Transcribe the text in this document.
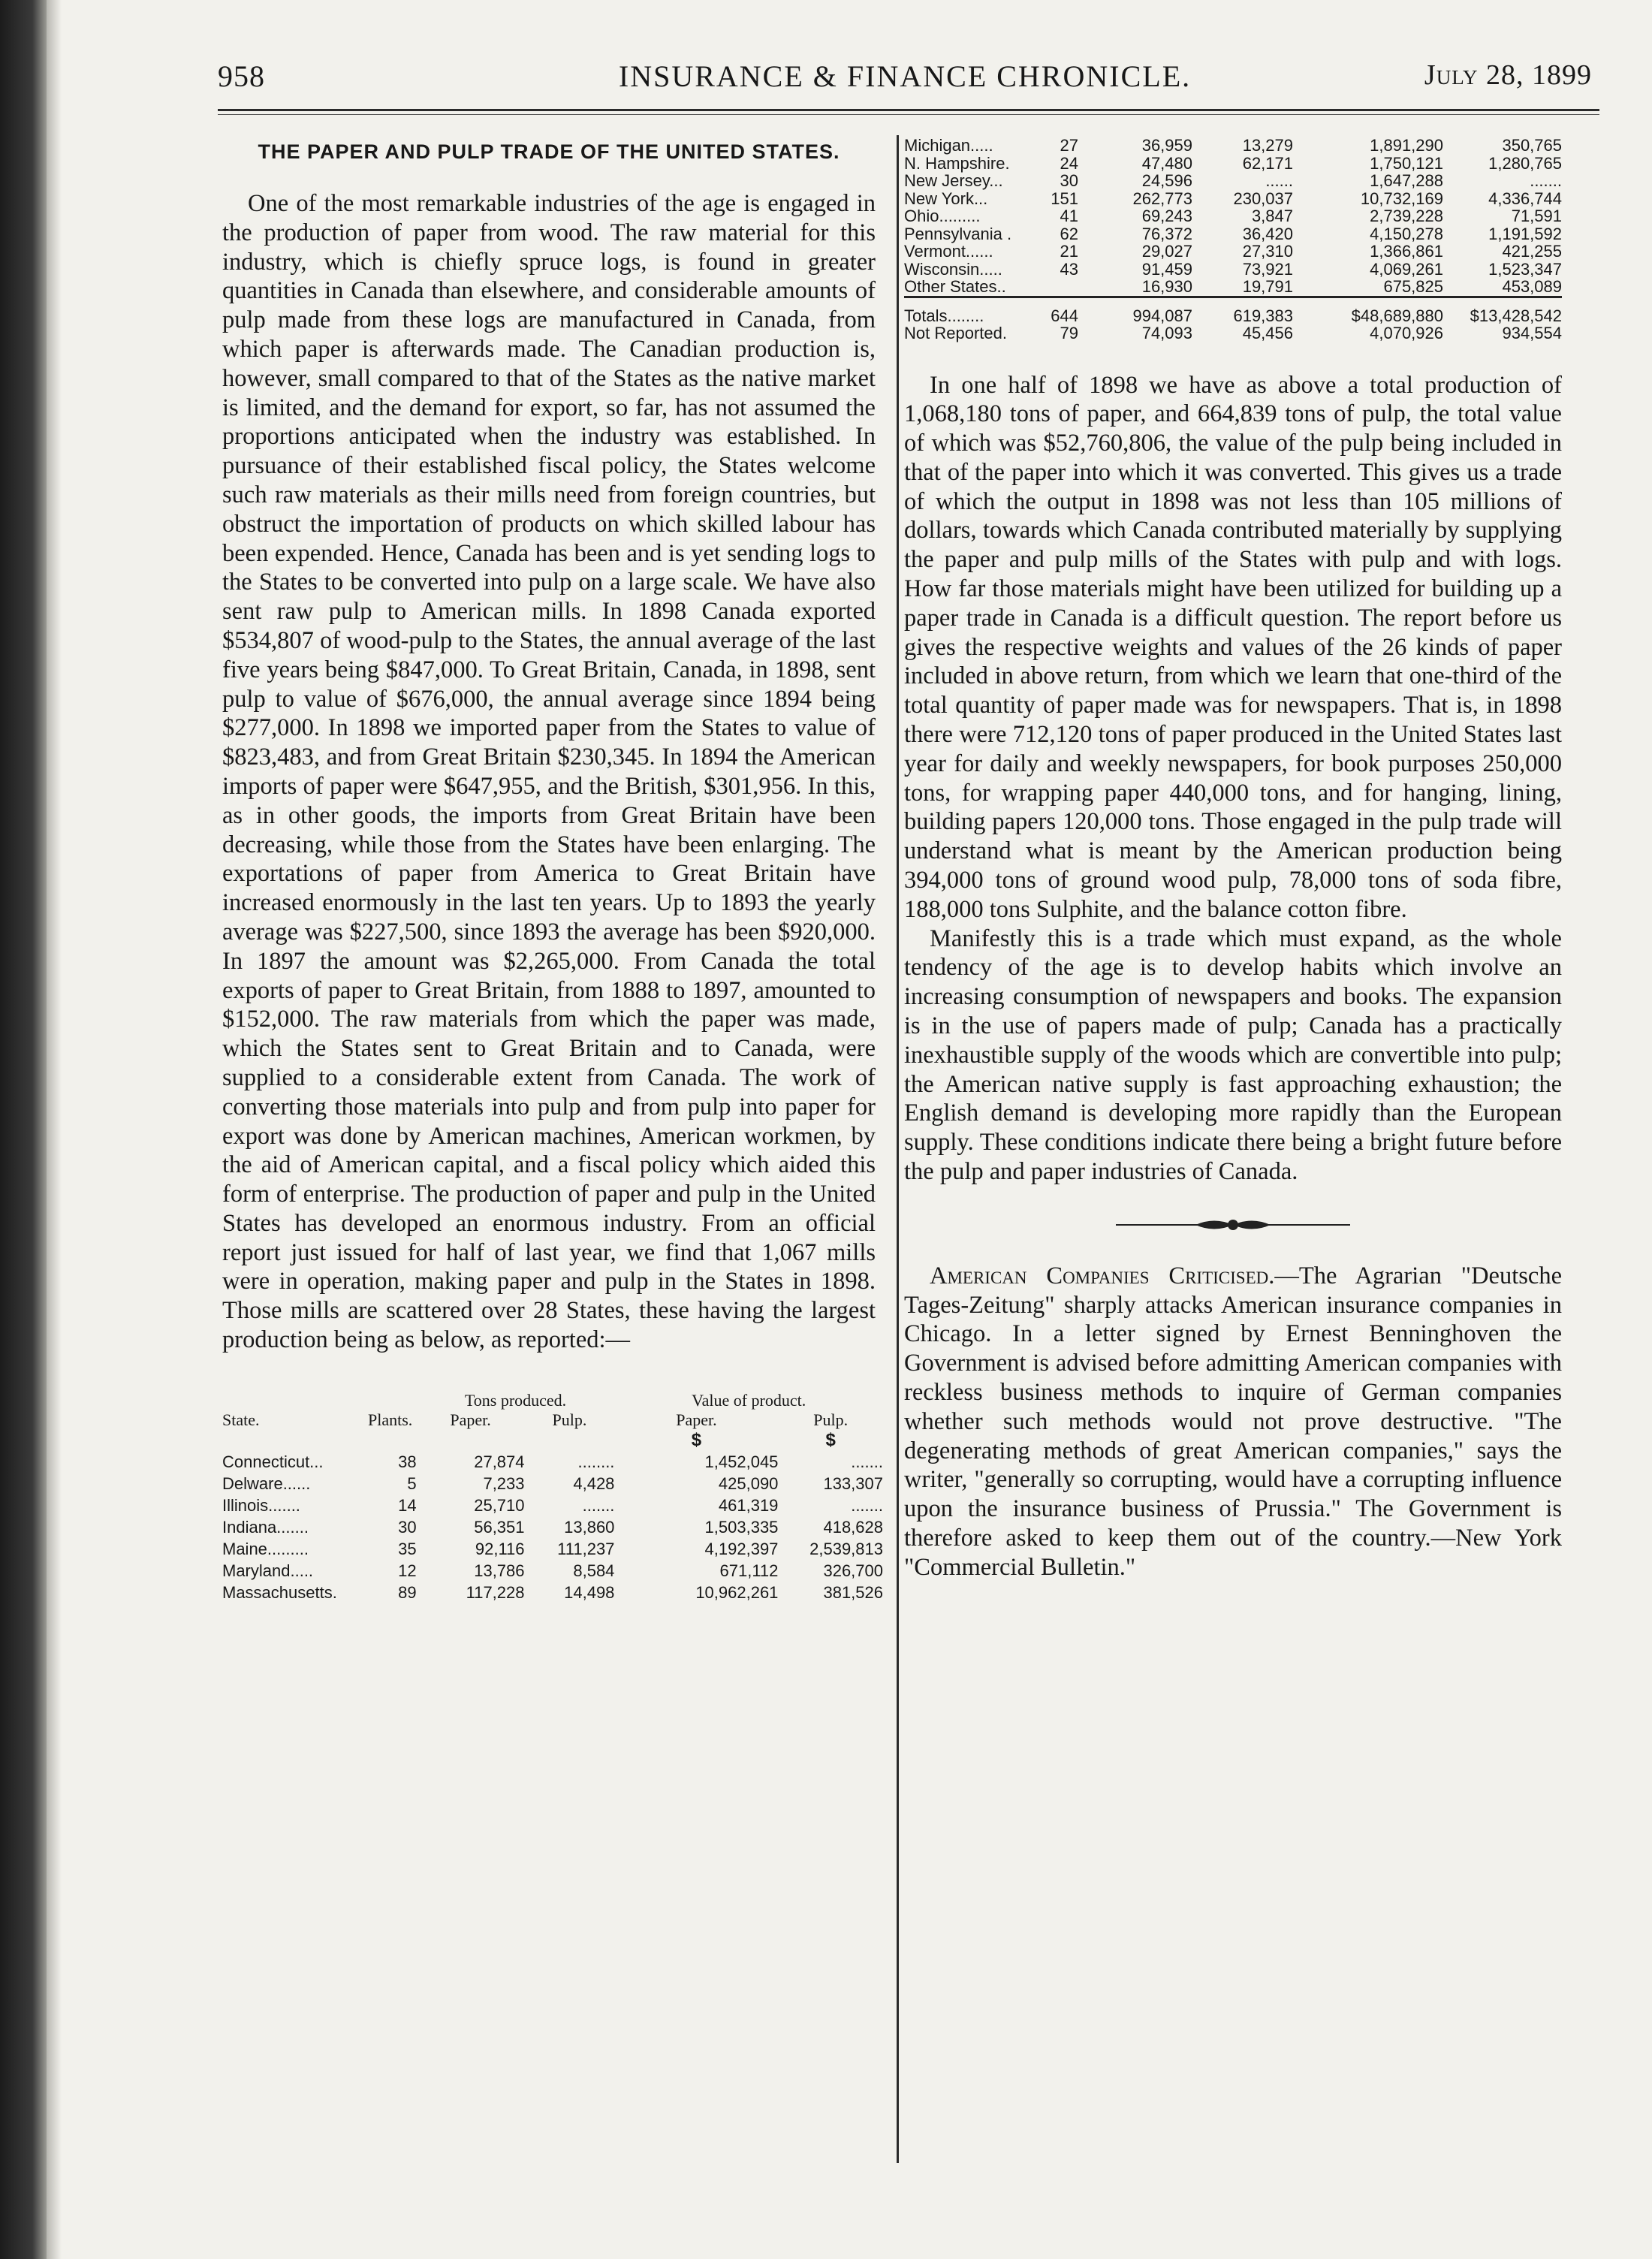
958	INSURANCE & FINANCE CHRONICLE.	July 28, 1899
THE PAPER AND PULP TRADE OF THE UNITED STATES.

One of the most remarkable industries of the age is engaged in the production of paper from wood. The raw material for this industry, which is chiefly spruce logs, is found in greater quantities in Canada than elsewhere, and considerable amounts of pulp made from these logs are manufactured in Canada, from which paper is afterwards made. The Canadian production is, however, small compared to that of the States as the native market is limited, and the demand for export, so far, has not assumed the proportions anticipated when the industry was established. In pursuance of their established fiscal policy, the States welcome such raw materials as their mills need from foreign countries, but obstruct the importation of products on which skilled labour has been expended. Hence, Canada has been and is yet sending logs to the States to be converted into pulp on a large scale. We have also sent raw pulp to American mills. In 1898 Canada exported $534,807 of wood-pulp to the States, the annual average of the last five years being $847,000. To Great Britain, Canada, in 1898, sent pulp to value of $676,000, the annual average since 1894 being $277,000. In 1898 we imported paper from the States to value of $823,483, and from Great Britain $230,345. In 1894 the American imports of paper were $647,955, and the British, $301,956. In this, as in other goods, the imports from Great Britain have been decreasing, while those from the States have been enlarging. The exportations of paper from America to Great Britain have increased enormously in the last ten years. Up to 1893 the yearly average was $227,500, since 1893 the average has been $920,000. In 1897 the amount was $2,265,000. From Canada the total exports of paper to Great Britain, from 1888 to 1897, amounted to $152,000. The raw materials from which the paper was made, which the States sent to Great Britain and to Canada, were supplied to a considerable extent from Canada. The work of converting those materials into pulp and from pulp into paper for export was done by American machines, American workmen, by the aid of American capital, and a fiscal policy which aided this form of enterprise. The production of paper and pulp in the United States has developed an enormous industry. From an official report just issued for half of last year, we find that 1,067 mills were in operation, making paper and pulp in the States in 1898. Those mills are scattered over 28 States, these having the largest production being as below, as reported:—

State.	Plants.	Tons produced.		Value of product.	
		Paper.	Pulp.	Paper.	Pulp.
				$	$
Connecticut...	38	27,874	........	1,452,045	.......
Delware......	5	7,233	4,428	425,090	133,307
Illinois.......	14	25,710	.......	461,319	.......
Indiana.......	30	56,351	13,860	1,503,335	418,628
Maine.........	35	92,116	111,237	4,192,397	2,539,813
Maryland.....	12	13,786	8,584	671,112	326,700
Massachusetts.	89	117,228	14,498	10,962,261	381,526
Michigan.....	27	36,959	13,279	1,891,290	350,765
N. Hampshire.	24	47,480	62,171	1,750,121	1,280,765
New Jersey...	30	24,596	......	1,647,288	.......
New York...	151	262,773	230,037	10,732,169	4,336,744
Ohio.........	41	69,243	3,847	2,739,228	71,591
Pennsylvania .	62	76,372	36,420	4,150,278	1,191,592
Vermont......	21	29,027	27,310	1,366,861	421,255
Wisconsin.....	43	91,459	73,921	4,069,261	1,523,347
Other States..		16,930	19,791	675,825	453,089
Totals........	644	994,087	619,383	$48,689,880	$13,428,542
Not Reported.	79	74,093	45,456	4,070,926	934,554

In one half of 1898 we have as above a total production of 1,068,180 tons of paper, and 664,839 tons of pulp, the total value of which was $52,760,806, the value of the pulp being included in that of the paper into which it was converted. This gives us a trade of which the output in 1898 was not less than 105 millions of dollars, towards which Canada contributed materially by supplying the paper and pulp mills of the States with pulp and with logs. How far those materials might have been utilized for building up a paper trade in Canada is a difficult question. The report before us gives the respective weights and values of the 26 kinds of paper included in above return, from which we learn that one-third of the total quantity of paper made was for newspapers. That is, in 1898 there were 712,120 tons of paper produced in the United States last year for daily and weekly newspapers, for book purposes 250,000 tons, for wrapping paper 440,000 tons, and for hanging, lining, building papers 120,000 tons. Those engaged in the pulp trade will understand what is meant by the American production being 394,000 tons of ground wood pulp, 78,000 tons of soda fibre, 188,000 tons Sulphite, and the balance cotton fibre.

Manifestly this is a trade which must expand, as the whole tendency of the age is to develop habits which involve an increasing consumption of newspapers and books. The expansion is in the use of papers made of pulp; Canada has a practically inexhaustible supply of the woods which are convertible into pulp; the American native supply is fast approaching exhaustion; the English demand is developing more rapidly than the European supply. These conditions indicate there being a bright future before the pulp and paper industries of Canada.

American Companies Criticised.—The Agrarian "Deutsche Tages-Zeitung" sharply attacks American insurance companies in Chicago. In a letter signed by Ernest Benninghoven the Government is advised before admitting American companies with reckless business methods to inquire of German companies whether such methods would not prove destructive. "The degenerating methods of great American companies," says the writer, "generally so corrupting, would have a corrupting influence upon the insurance business of Prussia." The Government is therefore asked to keep them out of the country.—New York "Commercial Bulletin."
